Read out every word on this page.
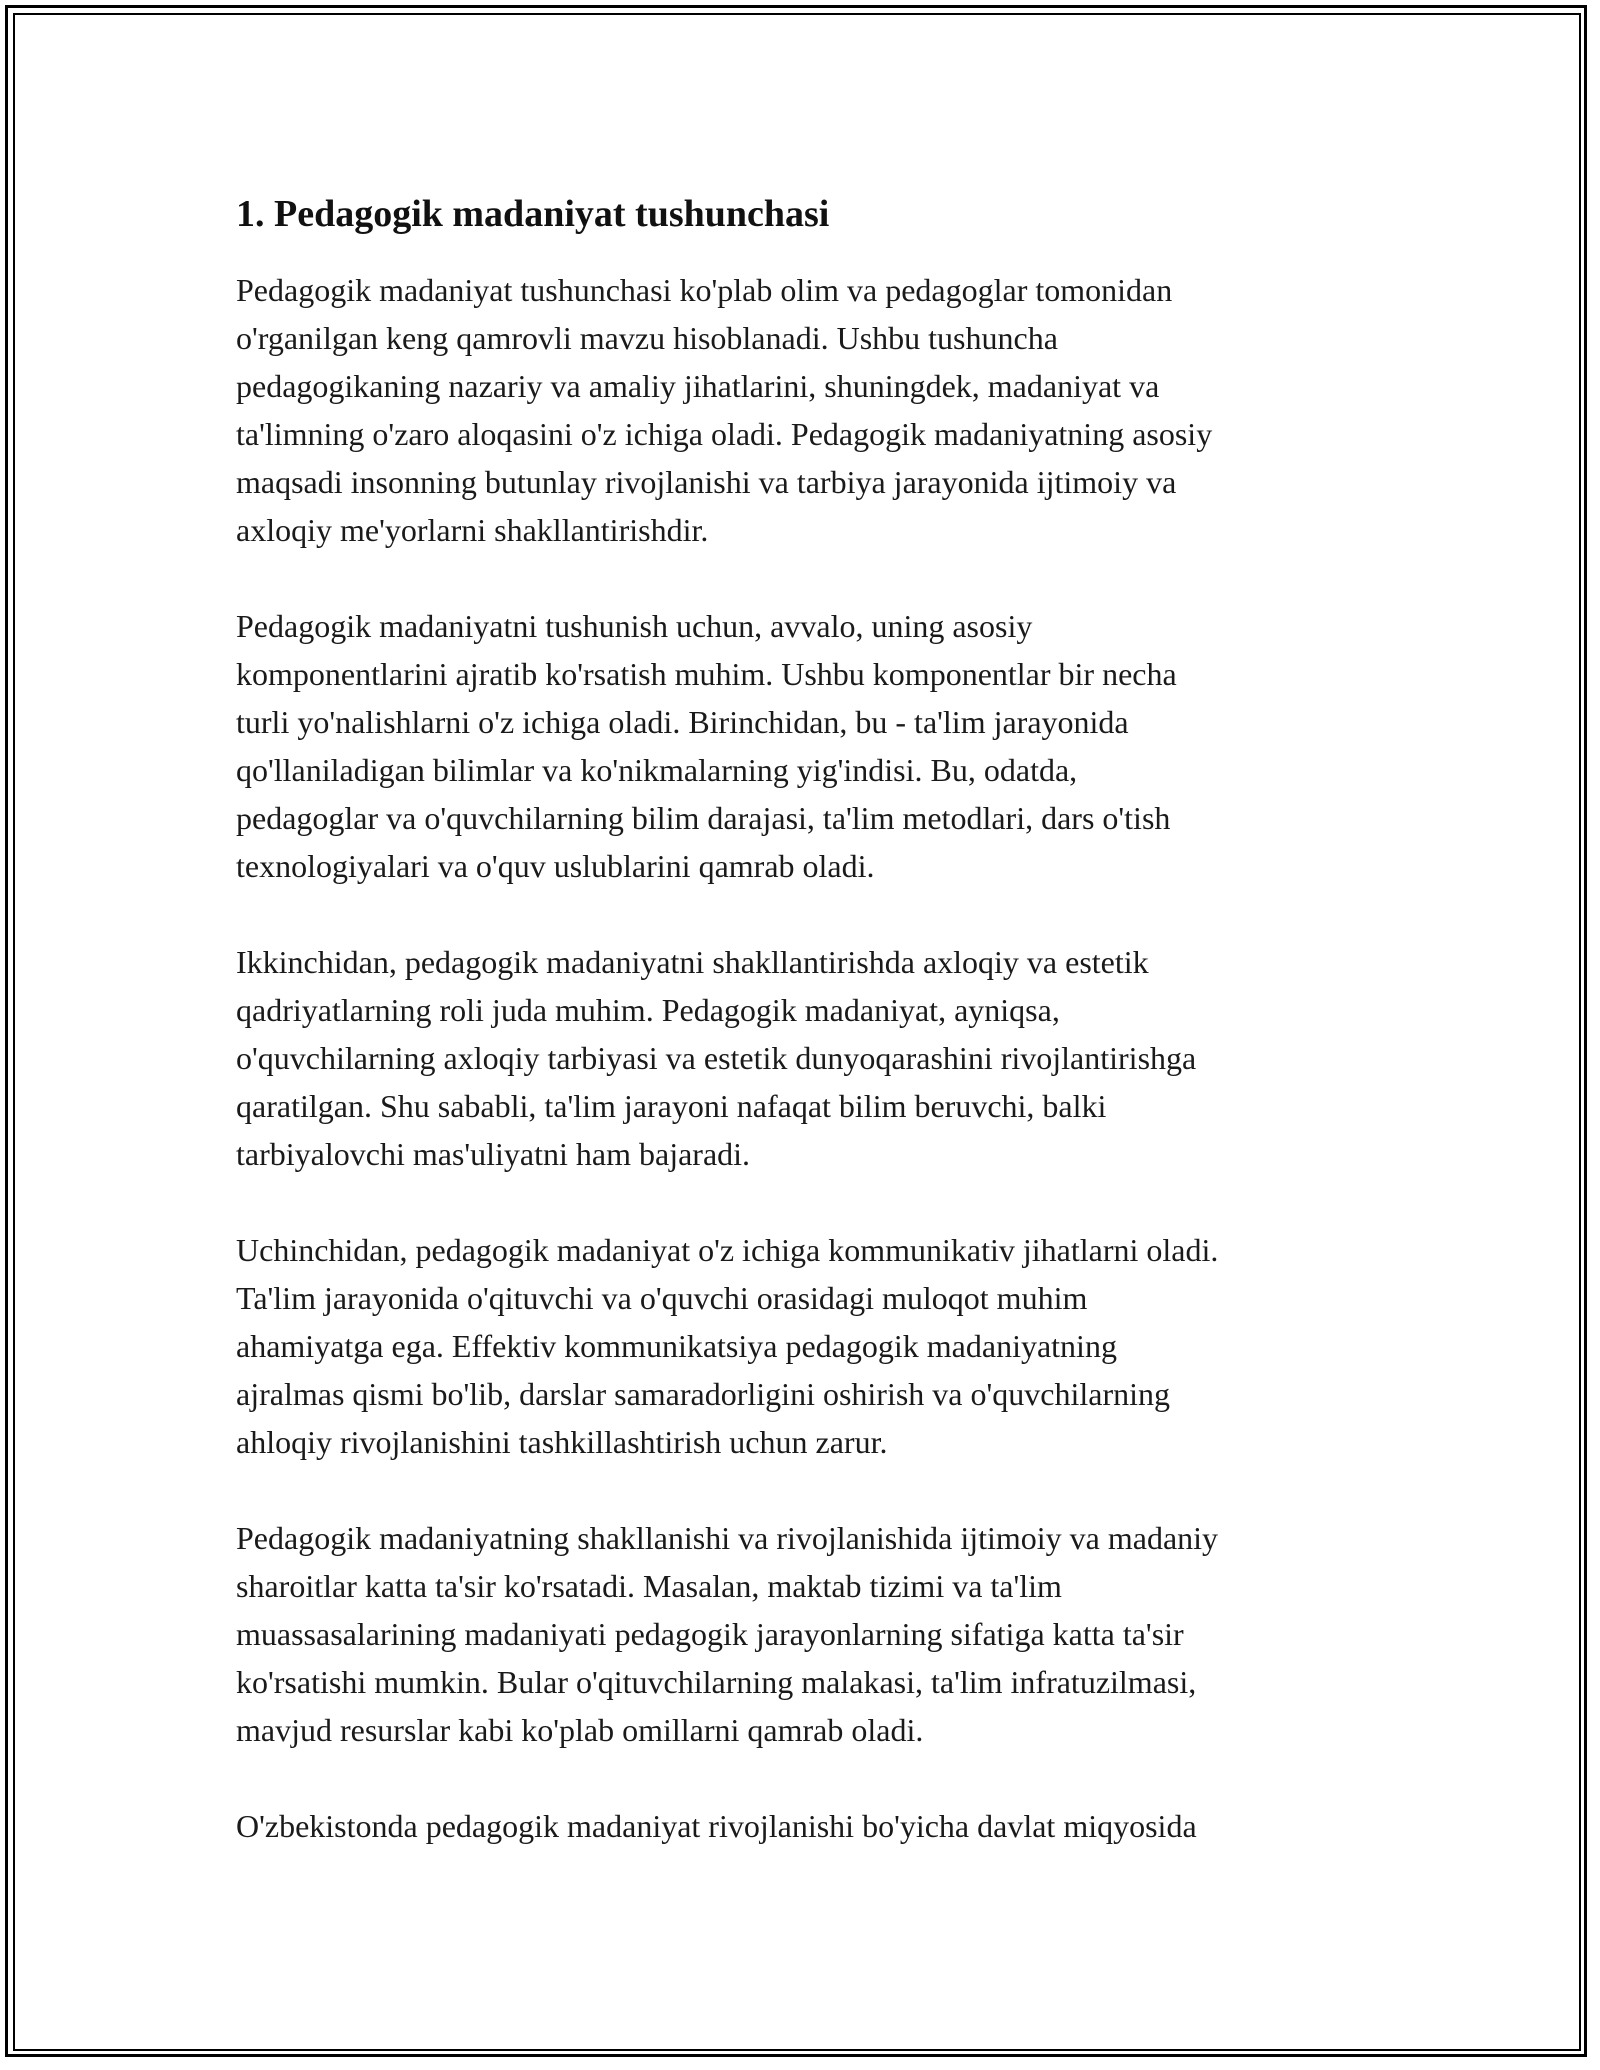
1. Pedagogik madaniyat tushunchasi

Pedagogik madaniyat tushunchasi ko'plab olim va pedagoglar tomonidan
o'rganilgan keng qamrovli mavzu hisoblanadi. Ushbu tushuncha
pedagogikaning nazariy va amaliy jihatlarini, shuningdek, madaniyat va
ta'limning o'zaro aloqasini o'z ichiga oladi. Pedagogik madaniyatning asosiy
maqsadi insonning butunlay rivojlanishi va tarbiya jarayonida ijtimoiy va
axloqiy me'yorlarni shakllantirishdir.

Pedagogik madaniyatni tushunish uchun, avvalo, uning asosiy
komponentlarini ajratib ko'rsatish muhim. Ushbu komponentlar bir necha
turli yo'nalishlarni o'z ichiga oladi. Birinchidan, bu - ta'lim jarayonida
qo'llaniladigan bilimlar va ko'nikmalarning yig'indisi. Bu, odatda,
pedagoglar va o'quvchilarning bilim darajasi, ta'lim metodlari, dars o'tish
texnologiyalari va o'quv uslublarini qamrab oladi.

Ikkinchidan, pedagogik madaniyatni shakllantirishda axloqiy va estetik
qadriyatlarning roli juda muhim. Pedagogik madaniyat, ayniqsa,
o'quvchilarning axloqiy tarbiyasi va estetik dunyoqarashini rivojlantirishga
qaratilgan. Shu sababli, ta'lim jarayoni nafaqat bilim beruvchi, balki
tarbiyalovchi mas'uliyatni ham bajaradi.

Uchinchidan, pedagogik madaniyat o'z ichiga kommunikativ jihatlarni oladi.
Ta'lim jarayonida o'qituvchi va o'quvchi orasidagi muloqot muhim
ahamiyatga ega. Effektiv kommunikatsiya pedagogik madaniyatning
ajralmas qismi bo'lib, darslar samaradorligini oshirish va o'quvchilarning
ahloqiy rivojlanishini tashkillashtirish uchun zarur.

Pedagogik madaniyatning shakllanishi va rivojlanishida ijtimoiy va madaniy
sharoitlar katta ta'sir ko'rsatadi. Masalan, maktab tizimi va ta'lim
muassasalarining madaniyati pedagogik jarayonlarning sifatiga katta ta'sir
ko'rsatishi mumkin. Bular o'qituvchilarning malakasi, ta'lim infratuzilmasi,
mavjud resurslar kabi ko'plab omillarni qamrab oladi.

O'zbekistonda pedagogik madaniyat rivojlanishi bo'yicha davlat miqyosida
